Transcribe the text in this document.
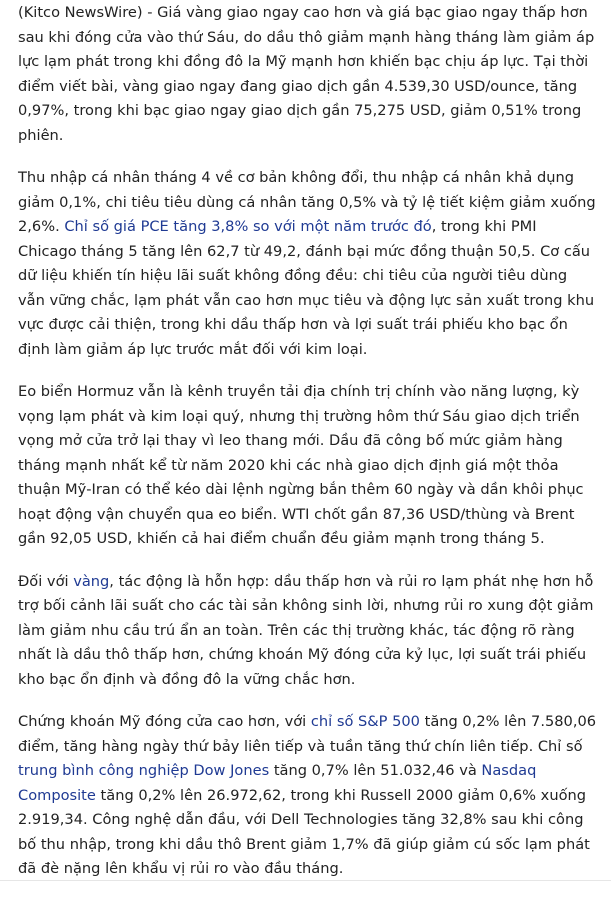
(Kitco NewsWire) - Giá vàng giao ngay cao hơn và giá bạc giao ngay thấp hơn sau khi đóng cửa vào thứ Sáu, do dầu thô giảm mạnh hàng tháng làm giảm áp lực lạm phát trong khi đồng đô la Mỹ mạnh hơn khiến bạc chịu áp lực. Tại thời điểm viết bài, vàng giao ngay đang giao dịch gần 4.539,30 USD/ounce, tăng 0,97%, trong khi bạc giao ngay giao dịch gần 75,275 USD, giảm 0,51% trong phiên.

Thu nhập cá nhân tháng 4 về cơ bản không đổi, thu nhập cá nhân khả dụng giảm 0,1%, chi tiêu tiêu dùng cá nhân tăng 0,5% và tỷ lệ tiết kiệm giảm xuống 2,6%. Chỉ số giá PCE tăng 3,8% so với một năm trước đó, trong khi PMI Chicago tháng 5 tăng lên 62,7 từ 49,2, đánh bại mức đồng thuận 50,5. Cơ cấu dữ liệu khiến tín hiệu lãi suất không đồng đều: chi tiêu của người tiêu dùng vẫn vững chắc, lạm phát vẫn cao hơn mục tiêu và động lực sản xuất trong khu vực được cải thiện, trong khi dầu thấp hơn và lợi suất trái phiếu kho bạc ổn định làm giảm áp lực trước mắt đối với kim loại.

Eo biển Hormuz vẫn là kênh truyền tải địa chính trị chính vào năng lượng, kỳ vọng lạm phát và kim loại quý, nhưng thị trường hôm thứ Sáu giao dịch triển vọng mở cửa trở lại thay vì leo thang mới. Dầu đã công bố mức giảm hàng tháng mạnh nhất kể từ năm 2020 khi các nhà giao dịch định giá một thỏa thuận Mỹ-Iran có thể kéo dài lệnh ngừng bắn thêm 60 ngày và dần khôi phục hoạt động vận chuyển qua eo biển. WTI chốt gần 87,36 USD/thùng và Brent gần 92,05 USD, khiến cả hai điểm chuẩn đều giảm mạnh trong tháng 5.

Đối với vàng, tác động là hỗn hợp: dầu thấp hơn và rủi ro lạm phát nhẹ hơn hỗ trợ bối cảnh lãi suất cho các tài sản không sinh lời, nhưng rủi ro xung đột giảm làm giảm nhu cầu trú ẩn an toàn. Trên các thị trường khác, tác động rõ ràng nhất là dầu thô thấp hơn, chứng khoán Mỹ đóng cửa kỷ lục, lợi suất trái phiếu kho bạc ổn định và đồng đô la vững chắc hơn.

Chứng khoán Mỹ đóng cửa cao hơn, với chỉ số S&P 500 tăng 0,2% lên 7.580,06 điểm, tăng hàng ngày thứ bảy liên tiếp và tuần tăng thứ chín liên tiếp. Chỉ số trung bình công nghiệp Dow Jones tăng 0,7% lên 51.032,46 và Nasdaq Composite tăng 0,2% lên 26.972,62, trong khi Russell 2000 giảm 0,6% xuống 2.919,34. Công nghệ dẫn đầu, với Dell Technologies tăng 32,8% sau khi công bố thu nhập, trong khi dầu thô Brent giảm 1,7% đã giúp giảm cú sốc lạm phát đã đè nặng lên khẩu vị rủi ro vào đầu tháng.
